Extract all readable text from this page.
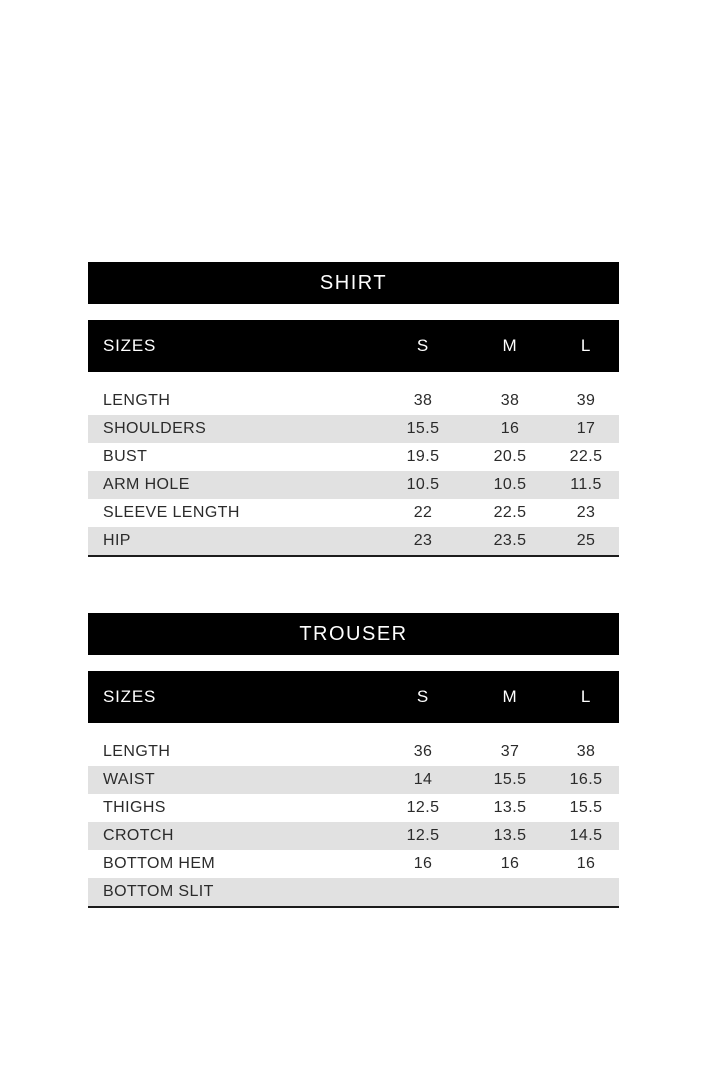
SHIRT
SIZES	S	M	L
LENGTH	38	38	39
SHOULDERS	15.5	16	17
BUST	19.5	20.5	22.5
ARM HOLE	10.5	10.5	11.5
SLEEVE LENGTH	22	22.5	23
HIP	23	23.5	25
TROUSER
SIZES	S	M	L
LENGTH	36	37	38
WAIST	14	15.5	16.5
THIGHS	12.5	13.5	15.5
CROTCH	12.5	13.5	14.5
BOTTOM HEM	16	16	16
BOTTOM SLIT
